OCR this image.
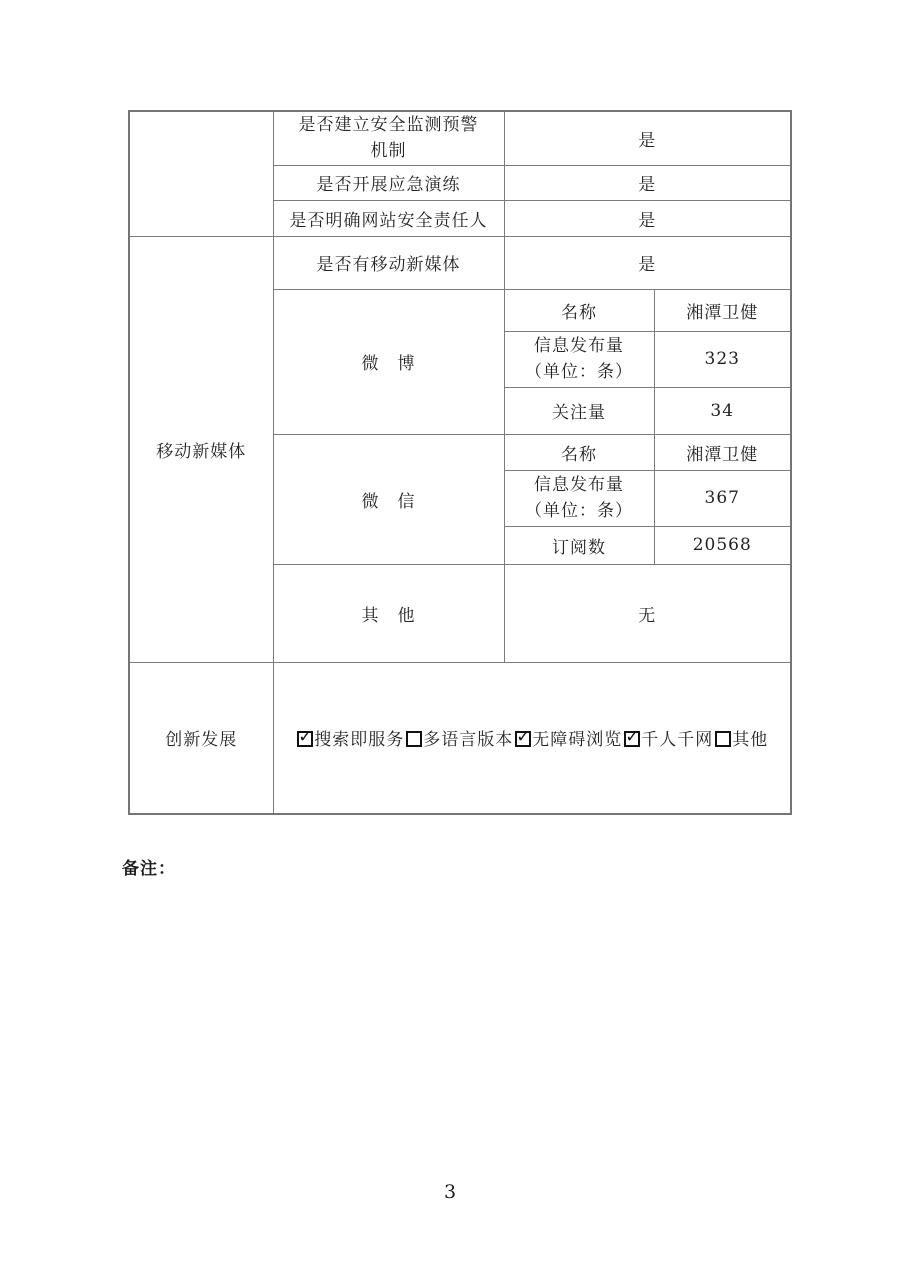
	是否建立安全监测预警
机制	是	
	是否开展应急演练	是	
	是否明确网站安全责任人	是	
移动新媒体	是否有移动新媒体	是	
	微　博	名称	湘潭卫健

		信息发布量
（单位：条）	323
		关注量	34
	微　信	名称	湘潭卫健

		信息发布量
（单位：条）	367
		订阅数	20568
	其　他	无	
创新发展	✓搜索即服务 多语言版本 ✓ 无障碍浏览 ✓ 千人千网 其他
备注：
3
